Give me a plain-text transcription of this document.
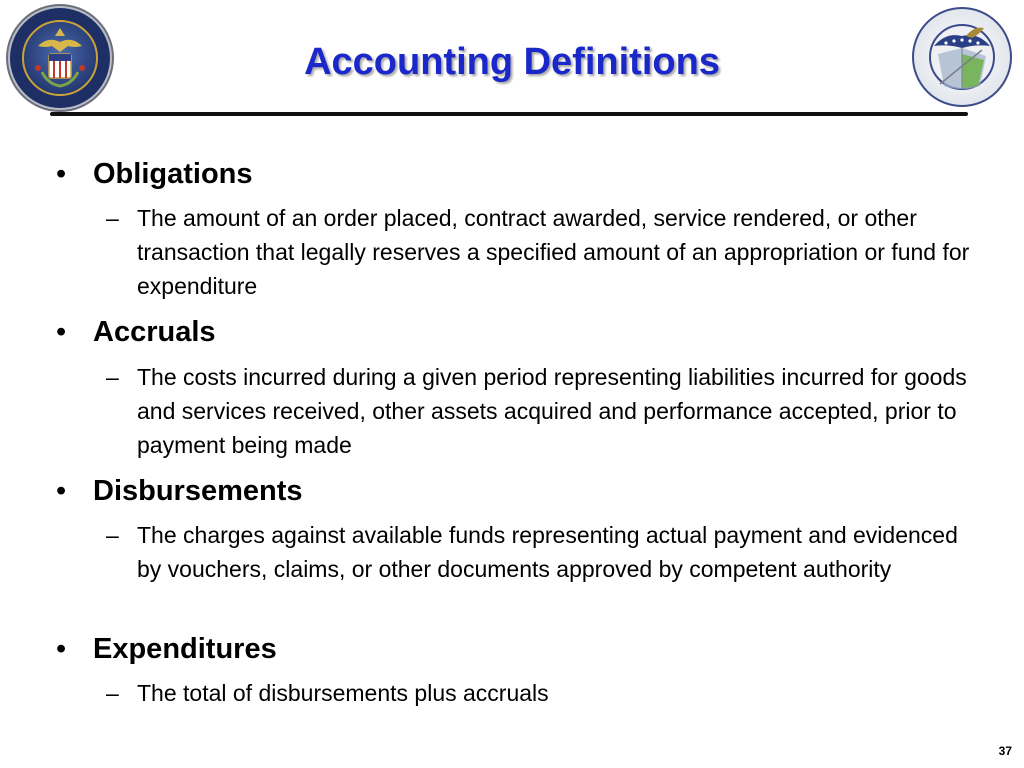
Accounting Definitions
• Obligations
– The amount of an order placed, contract awarded, service rendered, or other transaction that legally reserves a specified amount of an appropriation or fund for expenditure
• Accruals
– The costs incurred during a given period representing liabilities incurred for goods and services received, other assets acquired and performance accepted, prior to payment being made
• Disbursements
– The charges against available funds representing actual payment and evidenced by vouchers, claims, or other documents approved by competent authority
• Expenditures
– The total of disbursements plus accruals
37
